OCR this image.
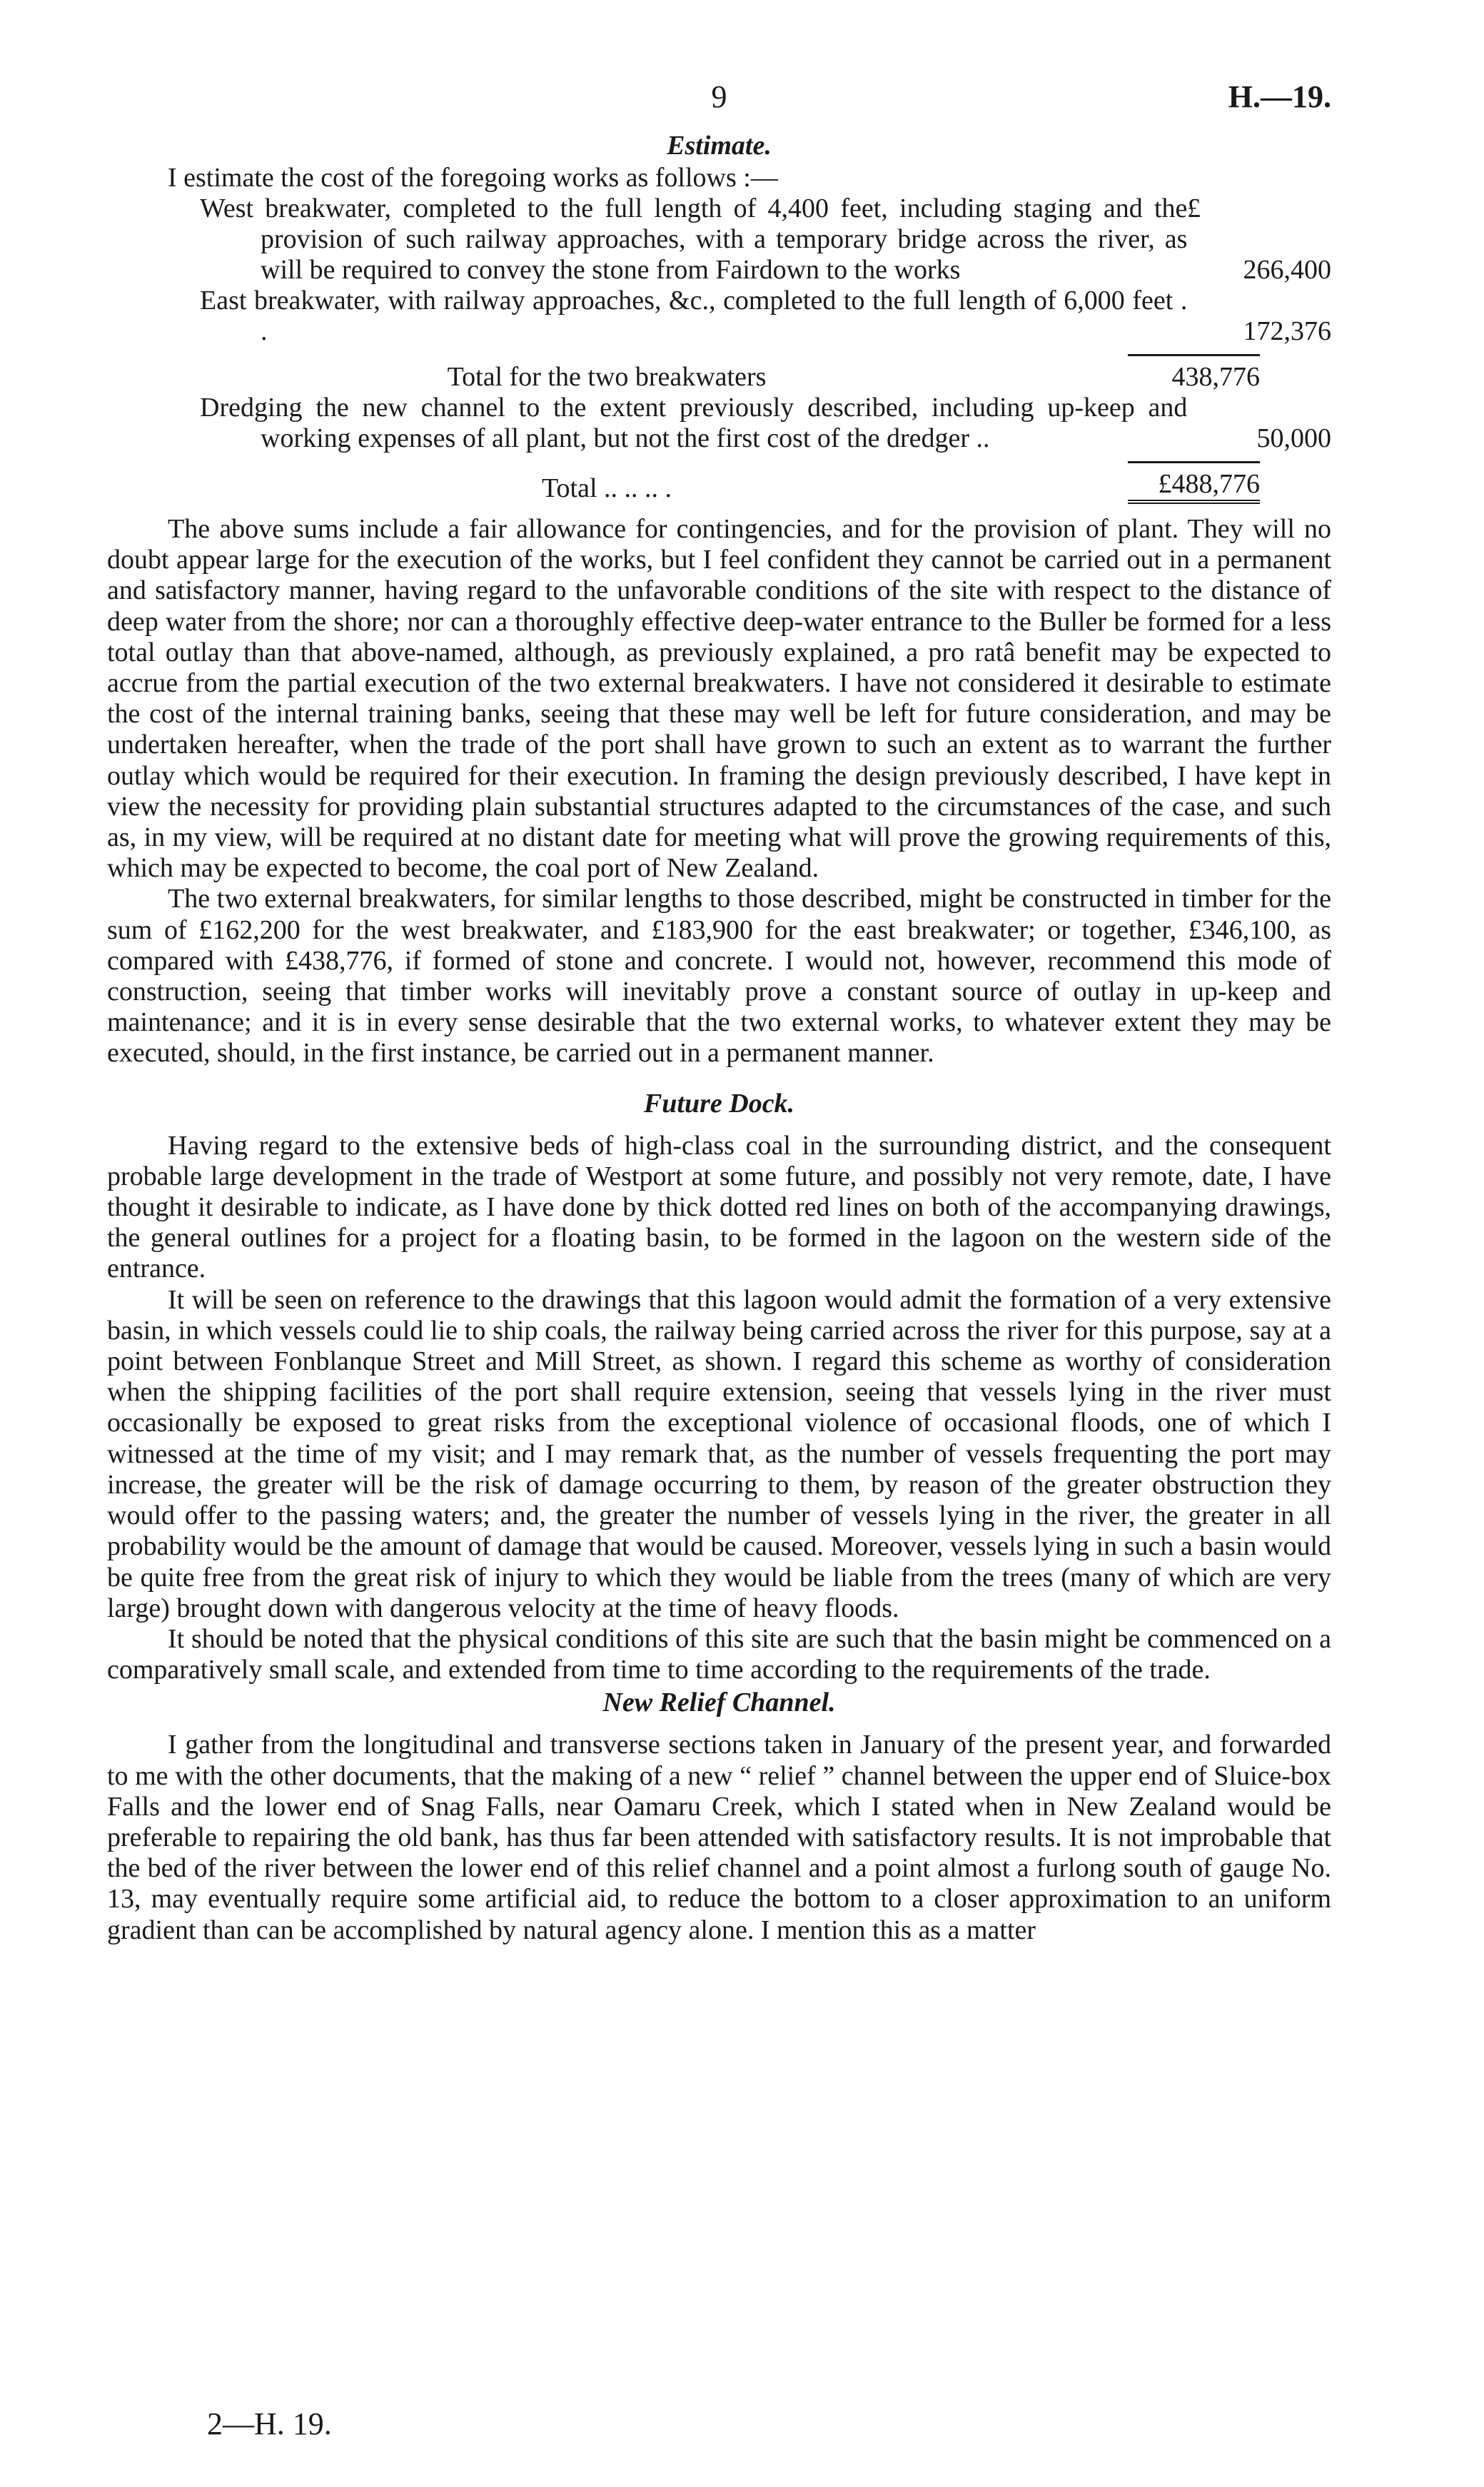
9	H.—19.
Estimate.

I estimate the cost of the foregoing works as follows :—

£
West breakwater, completed to the full length of 4,400 feet, including staging and the provision of such railway approaches, with a temporary bridge across the river, as will be required to convey the stone from Fairdown to the works	266,400
East breakwater, with railway approaches, &c., completed to the full length of 6,000 feet . .	172,376
Total for the two breakwaters	438,776
Dredging the new channel to the extent previously described, including up-keep and working expenses of all plant, but not the first cost of the dredger ..	50,000
Total .. .. .. .	£488,776

The above sums include a fair allowance for contingencies, and for the provision of plant. They will no doubt appear large for the execution of the works, but I feel confident they cannot be carried out in a permanent and satisfactory manner, having regard to the unfavorable conditions of the site with respect to the distance of deep water from the shore; nor can a thoroughly effective deep-water entrance to the Buller be formed for a less total outlay than that above-named, although, as previously explained, a pro ratâ benefit may be expected to accrue from the partial execution of the two external breakwaters. I have not considered it desirable to estimate the cost of the internal training banks, seeing that these may well be left for future consideration, and may be undertaken hereafter, when the trade of the port shall have grown to such an extent as to warrant the further outlay which would be required for their execution. In framing the design previously described, I have kept in view the necessity for providing plain substantial structures adapted to the circumstances of the case, and such as, in my view, will be required at no distant date for meeting what will prove the growing requirements of this, which may be expected to become, the coal port of New Zealand.

The two external breakwaters, for similar lengths to those described, might be constructed in timber for the sum of £162,200 for the west breakwater, and £183,900 for the east breakwater; or together, £346,100, as compared with £438,776, if formed of stone and concrete. I would not, however, recommend this mode of construction, seeing that timber works will inevitably prove a constant source of outlay in up-keep and maintenance; and it is in every sense desirable that the two external works, to whatever extent they may be executed, should, in the first instance, be carried out in a permanent manner.

Future Dock.

Having regard to the extensive beds of high-class coal in the surrounding district, and the consequent probable large development in the trade of Westport at some future, and possibly not very remote, date, I have thought it desirable to indicate, as I have done by thick dotted red lines on both of the accompanying drawings, the general outlines for a project for a floating basin, to be formed in the lagoon on the western side of the entrance.

It will be seen on reference to the drawings that this lagoon would admit the formation of a very extensive basin, in which vessels could lie to ship coals, the railway being carried across the river for this purpose, say at a point between Fonblanque Street and Mill Street, as shown. I regard this scheme as worthy of consideration when the shipping facilities of the port shall require extension, seeing that vessels lying in the river must occasionally be exposed to great risks from the exceptional violence of occasional floods, one of which I witnessed at the time of my visit; and I may remark that, as the number of vessels frequenting the port may increase, the greater will be the risk of damage occurring to them, by reason of the greater obstruction they would offer to the passing waters; and, the greater the number of vessels lying in the river, the greater in all probability would be the amount of damage that would be caused. Moreover, vessels lying in such a basin would be quite free from the great risk of injury to which they would be liable from the trees (many of which are very large) brought down with dangerous velocity at the time of heavy floods.

It should be noted that the physical conditions of this site are such that the basin might be commenced on a comparatively small scale, and extended from time to time according to the requirements of the trade.

New Relief Channel.

I gather from the longitudinal and transverse sections taken in January of the present year, and forwarded to me with the other documents, that the making of a new “ relief ” channel between the upper end of Sluice-box Falls and the lower end of Snag Falls, near Oamaru Creek, which I stated when in New Zealand would be preferable to repairing the old bank, has thus far been attended with satisfactory results. It is not improbable that the bed of the river between the lower end of this relief channel and a point almost a furlong south of gauge No. 13, may eventually require some artificial aid, to reduce the bottom to a closer approximation to an uniform gradient than can be accomplished by natural agency alone. I mention this as a matter

2—H. 19.
